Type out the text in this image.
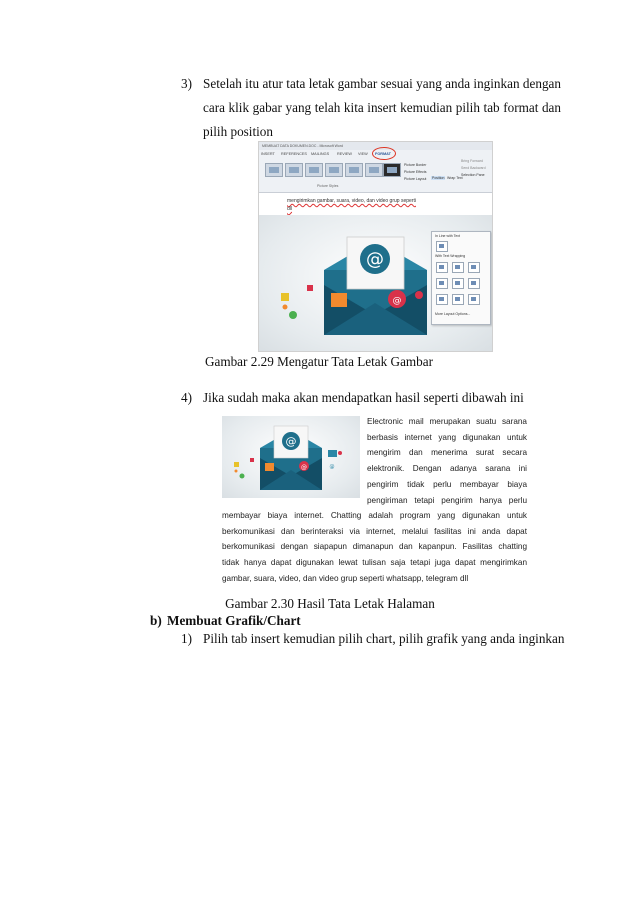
3) Setelah itu atur tata letak gambar sesuai yang anda inginkan dengan
cara klik gabar yang telah kita insert kemudian pilih tab format dan
pilih position
MEMBUAT DATA DOKUMEN.DOC - Microsoft Word
INSERT REFERENCES MAILINGS REVIEW VIEW FORMAT
Picture Border
Picture Effects
Picture Layout Position Wrap Text
Bring Forward
Send Backward
Selection Pane
Picture Styles
mengirimkan gambar, suara, video, dan video grup seperti
dll
@
@
In Line with Text
With Text Wrapping
More Layout Options...
Gambar 2.29 Mengatur Tata Letak Gambar
4) Jika sudah maka akan mendapatkan hasil seperti dibawah ini
@
@	@
Electronic mail merupakan suatu sarana
berbasis internet yang digunakan untuk
mengirim dan menerima surat secara
elektronik. Dengan adanya sarana ini
pengirim tidak perlu membayar biaya
pengiriman tetapi pengirim hanya perlu
membayar biaya internet. Chatting adalah program yang digunakan untuk
berkomunikasi dan berinteraksi via internet, melalui fasilitas ini anda dapat
berkomunikasi dengan siapapun dimanapun dan kapanpun. Fasilitas chatting
tidak hanya dapat digunakan lewat tulisan saja tetapi juga dapat mengirimkan
gambar, suara, video, dan video grup seperti whatsapp, telegram dll
Gambar 2.30 Hasil Tata Letak Halaman
b) Membuat Grafik/Chart
1) Pilih tab insert kemudian pilih chart, pilih grafik yang anda inginkan
